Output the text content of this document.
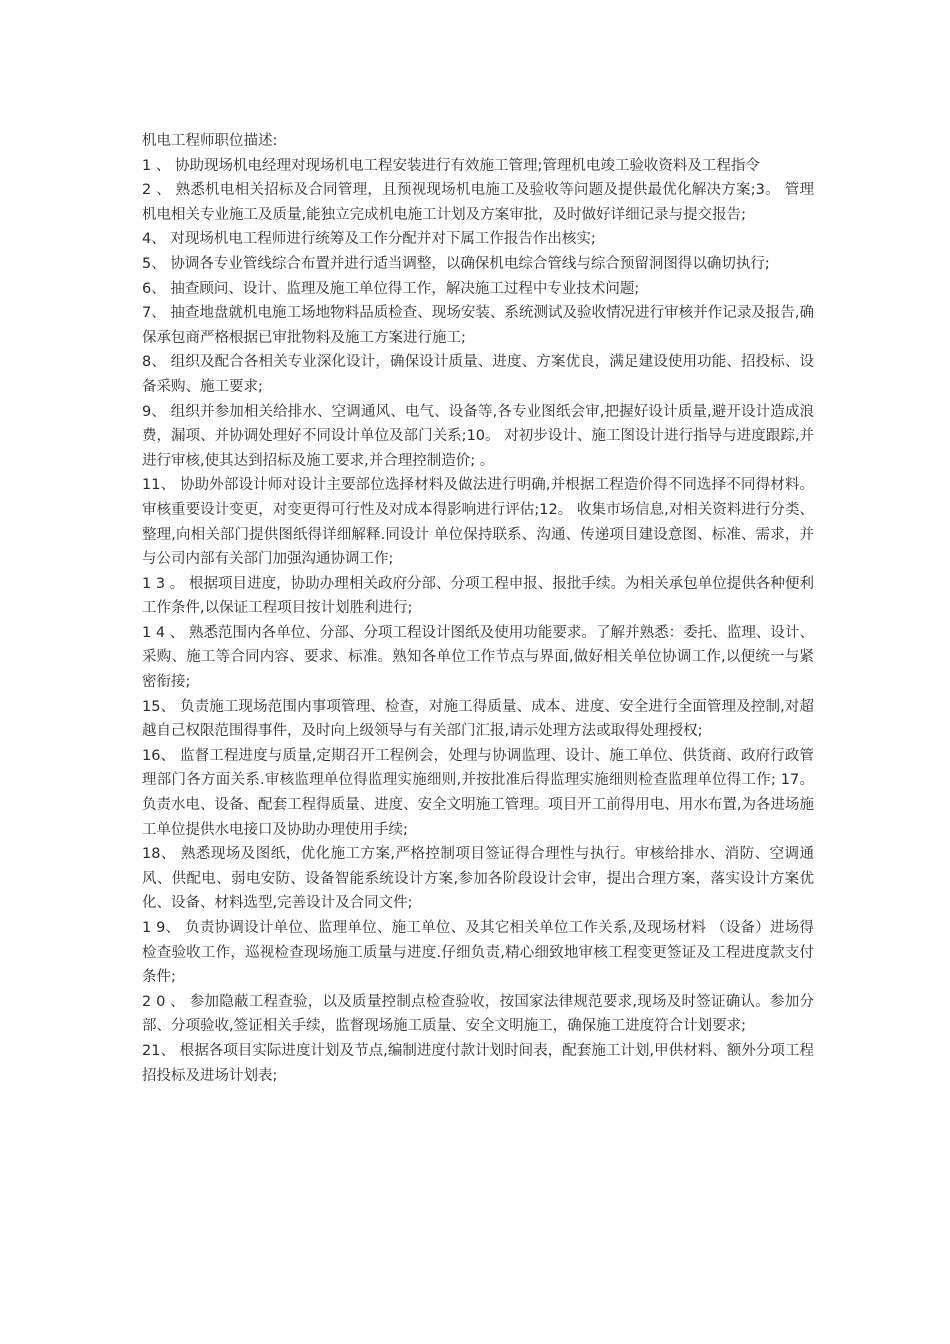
机电工程师职位描述:

1 、 协助现场机电经理对现场机电工程安装进行有效施工管理;管理机电竣工验收资料及工程指令

2 、 熟悉机电相关招标及合同管理，且预视现场机电施工及验收等问题及提供最优化解决方案;3。 管理机电相关专业施工及质量,能独立完成机电施工计划及方案审批，及时做好详细记录与提交报告;

4、 对现场机电工程师进行统筹及工作分配并对下属工作报告作出核实;

5、 协调各专业管线综合布置并进行适当调整，以确保机电综合管线与综合预留洞图得以确切执行;

6、 抽查顾问、设计、监理及施工单位得工作，解决施工过程中专业技术问题;

7、 抽查地盘就机电施工场地物料品质检查、现场安装、系统测试及验收情况进行审核并作记录及报告,确保承包商严格根据已审批物料及施工方案进行施工;

8、 组织及配合各相关专业深化设计，确保设计质量、进度、方案优良，满足建设使用功能、招投标、设备采购、施工要求;

9、 组织并参加相关给排水、空调通风、电气、设备等,各专业图纸会审,把握好设计质量,避开设计造成浪费，漏项、并协调处理好不同设计单位及部门关系;10。 对初步设计、施工图设计进行指导与进度跟踪,并进行审核,使其达到招标及施工要求,并合理控制造价; 。

11、 协助外部设计师对设计主要部位选择材料及做法进行明确,并根据工程造价得不同选择不同得材料。审核重要设计变更，对变更得可行性及对成本得影响进行评估;12。 收集市场信息,对相关资料进行分类、整理,向相关部门提供图纸得详细解释.同设计 单位保持联系、沟通、传递项目建设意图、标准、需求，并与公司内部有关部门加强沟通协调工作;

1 3 。 根据项目进度，协助办理相关政府分部、分项工程申报、报批手续。为相关承包单位提供各种便利工作条件,以保证工程项目按计划胜利进行;

1 4 、 熟悉范围内各单位、分部、分项工程设计图纸及使用功能要求。了解并熟悉：委托、监理、设计、采购、施工等合同内容、要求、标准。熟知各单位工作节点与界面,做好相关单位协调工作,以便统一与紧密衔接;

15、 负责施工现场范围内事项管理、检查，对施工得质量、成本、进度、安全进行全面管理及控制,对超越自己权限范围得事件，及时向上级领导与有关部门汇报,请示处理方法或取得处理授权;

16、 监督工程进度与质量,定期召开工程例会，处理与协调监理、设计、施工单位、供货商、政府行政管理部门各方面关系.审核监理单位得监理实施细则,并按批准后得监理实施细则检查监理单位得工作; 17。 负责水电、设备、配套工程得质量、进度、安全文明施工管理。项目开工前得用电、用水布置,为各进场施工单位提供水电接口及协助办理使用手续;

18、 熟悉现场及图纸，优化施工方案,严格控制项目签证得合理性与执行。审核给排水、消防、空调通风、供配电、弱电安防、设备智能系统设计方案,参加各阶段设计会审，提出合理方案，落实设计方案优化、设备、材料选型,完善设计及合同文件;

1 9、 负责协调设计单位、监理单位、施工单位、及其它相关单位工作关系,及现场材料 （设备）进场得检查验收工作，巡视检查现场施工质量与进度.仔细负责,精心细致地审核工程变更签证及工程进度款支付条件;

2 0 、 参加隐蔽工程查验，以及质量控制点检查验收，按国家法律规范要求,现场及时签证确认。参加分部、分项验收,签证相关手续，监督现场施工质量、安全文明施工，确保施工进度符合计划要求;

21、 根据各项目实际进度计划及节点,编制进度付款计划时间表，配套施工计划,甲供材料、额外分项工程招投标及进场计划表;
